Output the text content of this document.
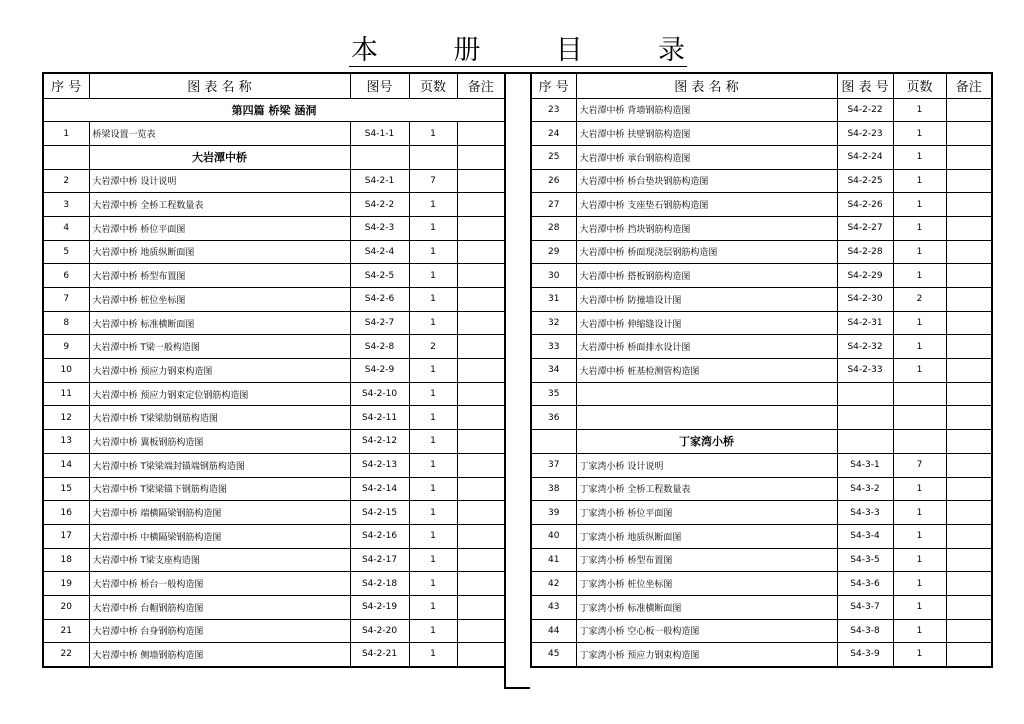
本	册	目	录
序 号	图 表 名 称	图号	页数	备注
第四篇 桥梁 涵洞				
1	桥梁设置一览表	S4-1-1	1	
	大岩潭中桥			
2	大岩潭中桥 设计说明	S4-2-1	7	
3	大岩潭中桥 全桥工程数量表	S4-2-2	1	
4	大岩潭中桥 桥位平面图	S4-2-3	1	
5	大岩潭中桥 地质纵断面图	S4-2-4	1	
6	大岩潭中桥 桥型布置图	S4-2-5	1	
7	大岩潭中桥 桩位坐标图	S4-2-6	1	
8	大岩潭中桥 标准横断面图	S4-2-7	1	
9	大岩潭中桥 T梁一般构造图	S4-2-8	2	
10	大岩潭中桥 预应力钢束构造图	S4-2-9	1	
11	大岩潭中桥 预应力钢束定位钢筋构造图	S4-2-10	1	
12	大岩潭中桥 T梁梁肋钢筋构造图	S4-2-11	1	
13	大岩潭中桥 翼板钢筋构造图	S4-2-12	1	
14	大岩潭中桥 T梁梁端封锚端钢筋构造图	S4-2-13	1	
15	大岩潭中桥 T梁梁锚下钢筋构造图	S4-2-14	1	
16	大岩潭中桥 端横隔梁钢筋构造图	S4-2-15	1	
17	大岩潭中桥 中横隔梁钢筋构造图	S4-2-16	1	
18	大岩潭中桥 T梁支座构造图	S4-2-17	1	
19	大岩潭中桥 桥台一般构造图	S4-2-18	1	
20	大岩潭中桥 台帽钢筋构造图	S4-2-19	1	
21	大岩潭中桥 台身钢筋构造图	S4-2-20	1	
22	大岩潭中桥 侧墙钢筋构造图	S4-2-21	1	
序 号	图 表 名 称	图 表 号	页数	备注
23	大岩潭中桥 背墙钢筋构造图	S4-2-22	1	
24	大岩潭中桥 扶壁钢筋构造图	S4-2-23	1	
25	大岩潭中桥 承台钢筋构造图	S4-2-24	1	
26	大岩潭中桥 桥台垫块钢筋构造图	S4-2-25	1	
27	大岩潭中桥 支座垫石钢筋构造图	S4-2-26	1	
28	大岩潭中桥 挡块钢筋构造图	S4-2-27	1	
29	大岩潭中桥 桥面现浇层钢筋构造图	S4-2-28	1	
30	大岩潭中桥 搭板钢筋构造图	S4-2-29	1	
31	大岩潭中桥 防撞墙设计图	S4-2-30	2	
32	大岩潭中桥 伸缩缝设计图	S4-2-31	1	
33	大岩潭中桥 桥面排水设计图	S4-2-32	1	
34	大岩潭中桥 桩基检测管构造图	S4-2-33	1	
35				
36				
	丁家湾小桥			
37	丁家湾小桥 设计说明	S4-3-1	7	
38	丁家湾小桥 全桥工程数量表	S4-3-2	1	
39	丁家湾小桥 桥位平面图	S4-3-3	1	
40	丁家湾小桥 地质纵断面图	S4-3-4	1	
41	丁家湾小桥 桥型布置图	S4-3-5	1	
42	丁家湾小桥 桩位坐标图	S4-3-6	1	
43	丁家湾小桥 标准横断面图	S4-3-7	1	
44	丁家湾小桥 空心板一般构造图	S4-3-8	1	
45	丁家湾小桥 预应力钢束构造图	S4-3-9	1	
